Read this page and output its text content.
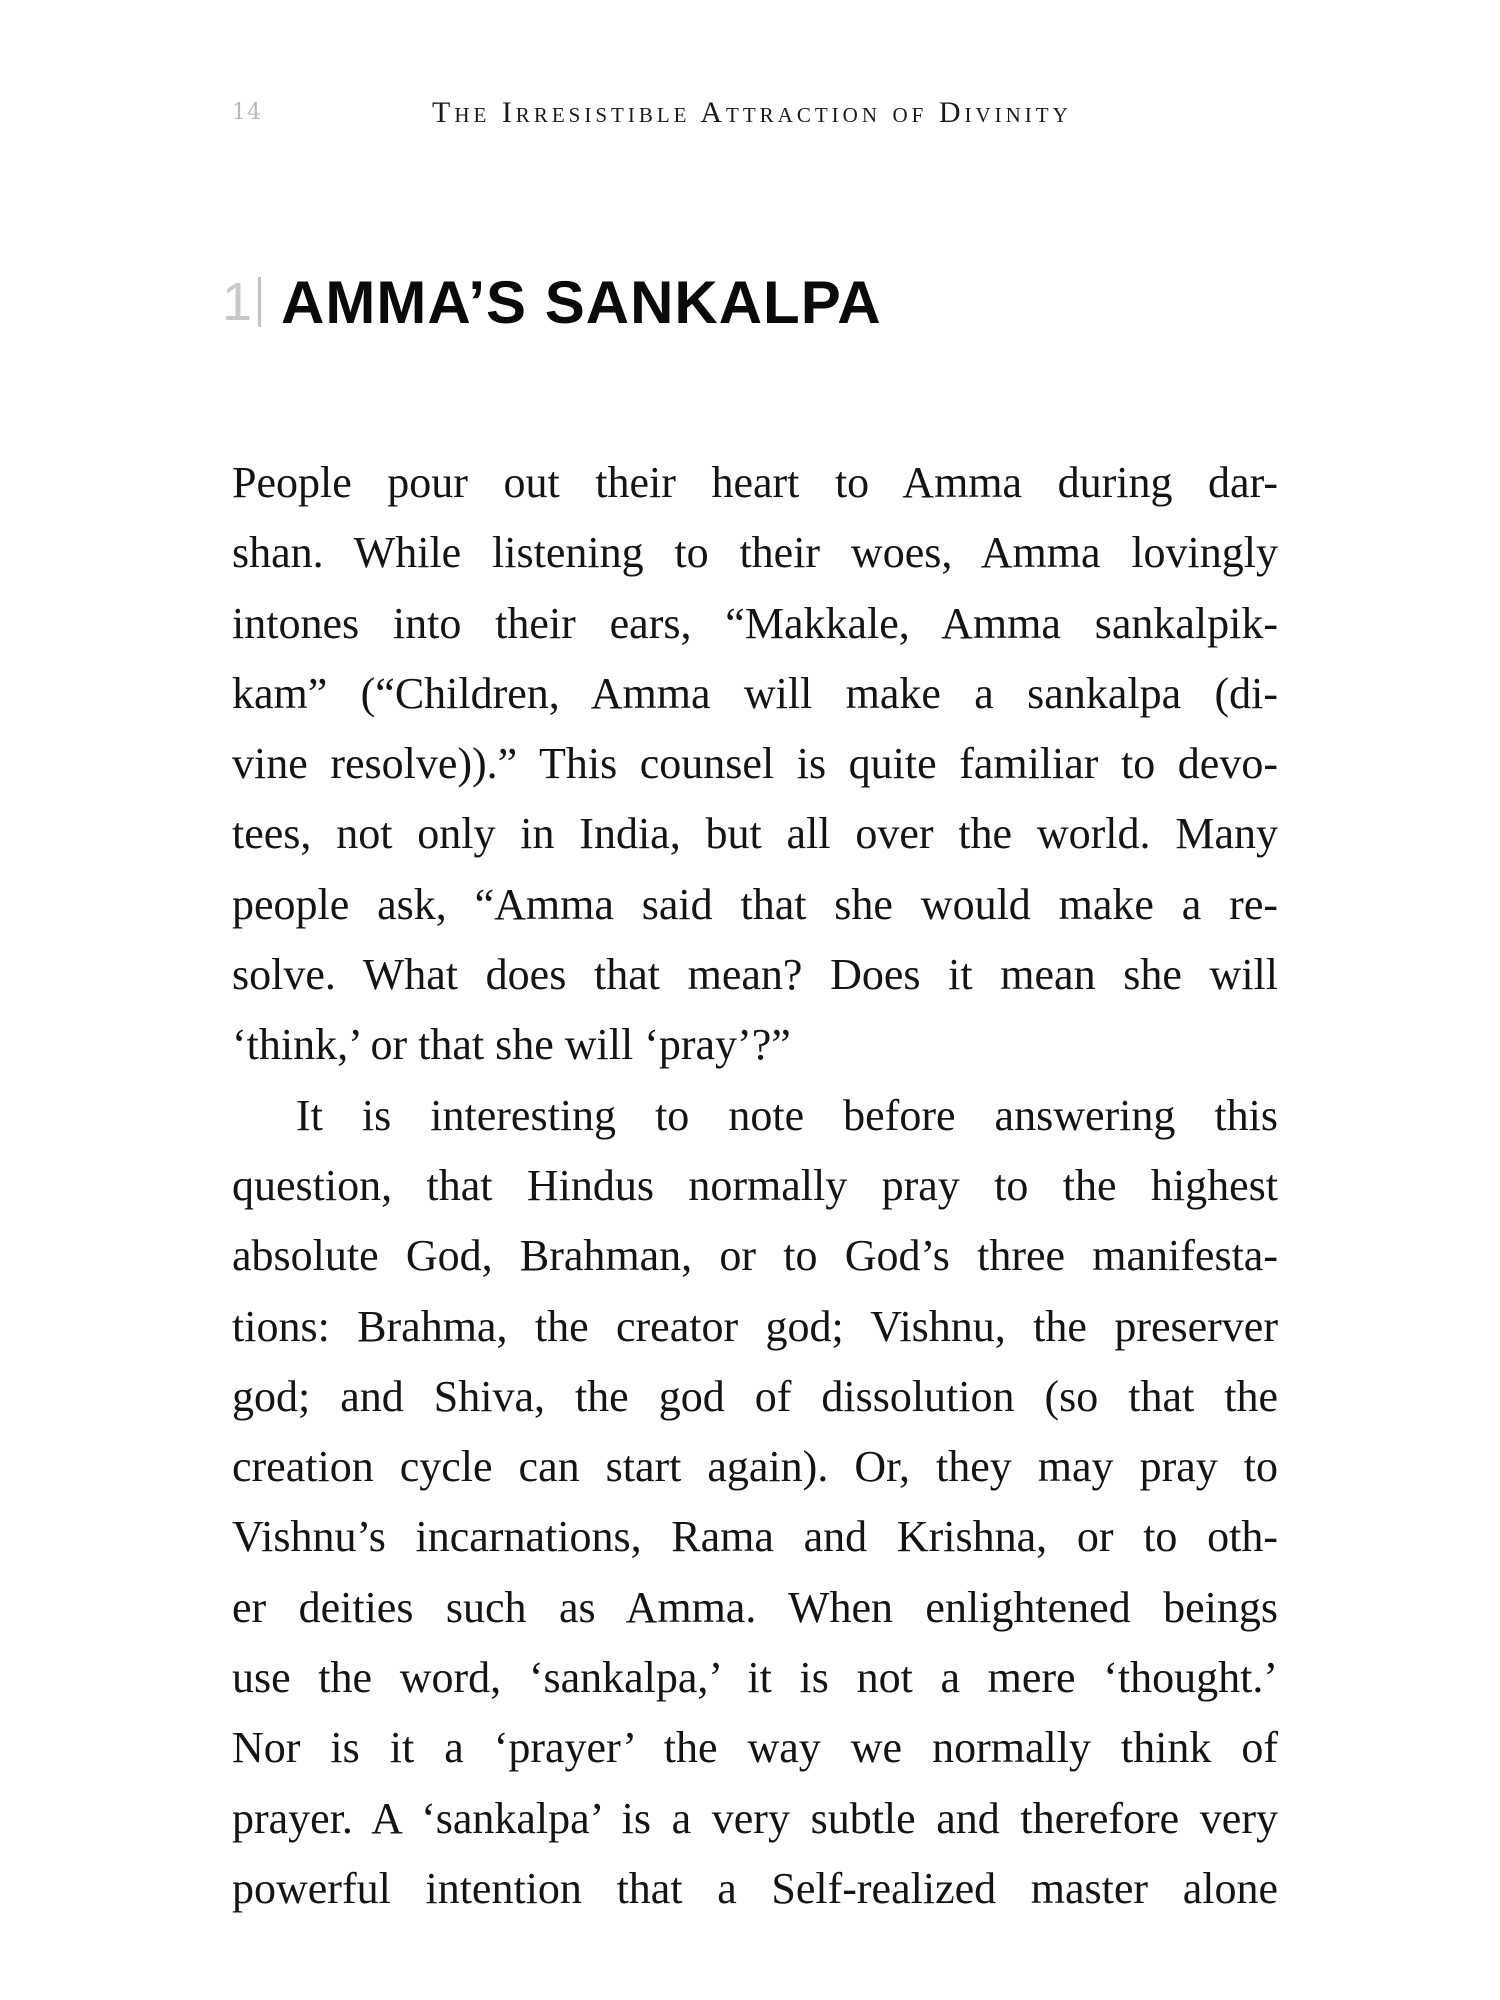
14	The Irresistible Attraction of Divinity
1 AMMA’S SANKALPA
People pour out their heart to Amma during dar-
shan. While listening to their woes, Amma lovingly
intones into their ears, “Makkale, Amma sankalpik-
kam” (“Children, Amma will make a sankalpa (di-
vine resolve)).” This counsel is quite familiar to devo-
tees, not only in India, but all over the world. Many
people ask, “Amma said that she would make a re-
solve. What does that mean? Does it mean she will
‘think,’ or that she will ‘pray’?”
It is interesting to note before answering this
question, that Hindus normally pray to the highest
absolute God, Brahman, or to God’s three manifesta-
tions: Brahma, the creator god; Vishnu, the preserver
god; and Shiva, the god of dissolution (so that the
creation cycle can start again). Or, they may pray to
Vishnu’s incarnations, Rama and Krishna, or to oth-
er deities such as Amma. When enlightened beings
use the word, ‘sankalpa,’ it is not a mere ‘thought.’
Nor is it a ‘prayer’ the way we normally think of
prayer. A ‘sankalpa’ is a very subtle and therefore very
powerful intention that a Self-realized master alone
